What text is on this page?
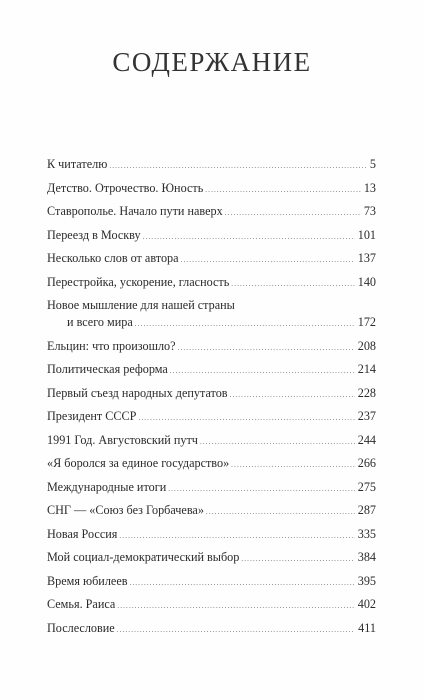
СОДЕРЖАНИЕ
К читателю . . .	5
Детство. Отрочество. Юность . . .	13
Ставрополье. Начало пути наверх . . .	73
Переезд в Москву . . .	101
Несколько слов от автора . . .	137
Перестройка, ускорение, гласность . . .	140
Новое мышление для нашей страны
и всего мира . . .	172
Ельцин: что произошло? . . .	208
Политическая реформа . . .	214
Первый съезд народных депутатов . . .	228
Президент СССР . . .	237
1991 Год. Августовский путч . . .	244
«Я боролся за единое государство» . . .	266
Международные итоги . . .	275
СНГ — «Союз без Горбачева» . . .	287
Новая Россия . . .	335
Мой социал-демократический выбор . . .	384
Время юбилеев . . .	395
Семья. Раиса . . .	402
Послесловие . . .	411
